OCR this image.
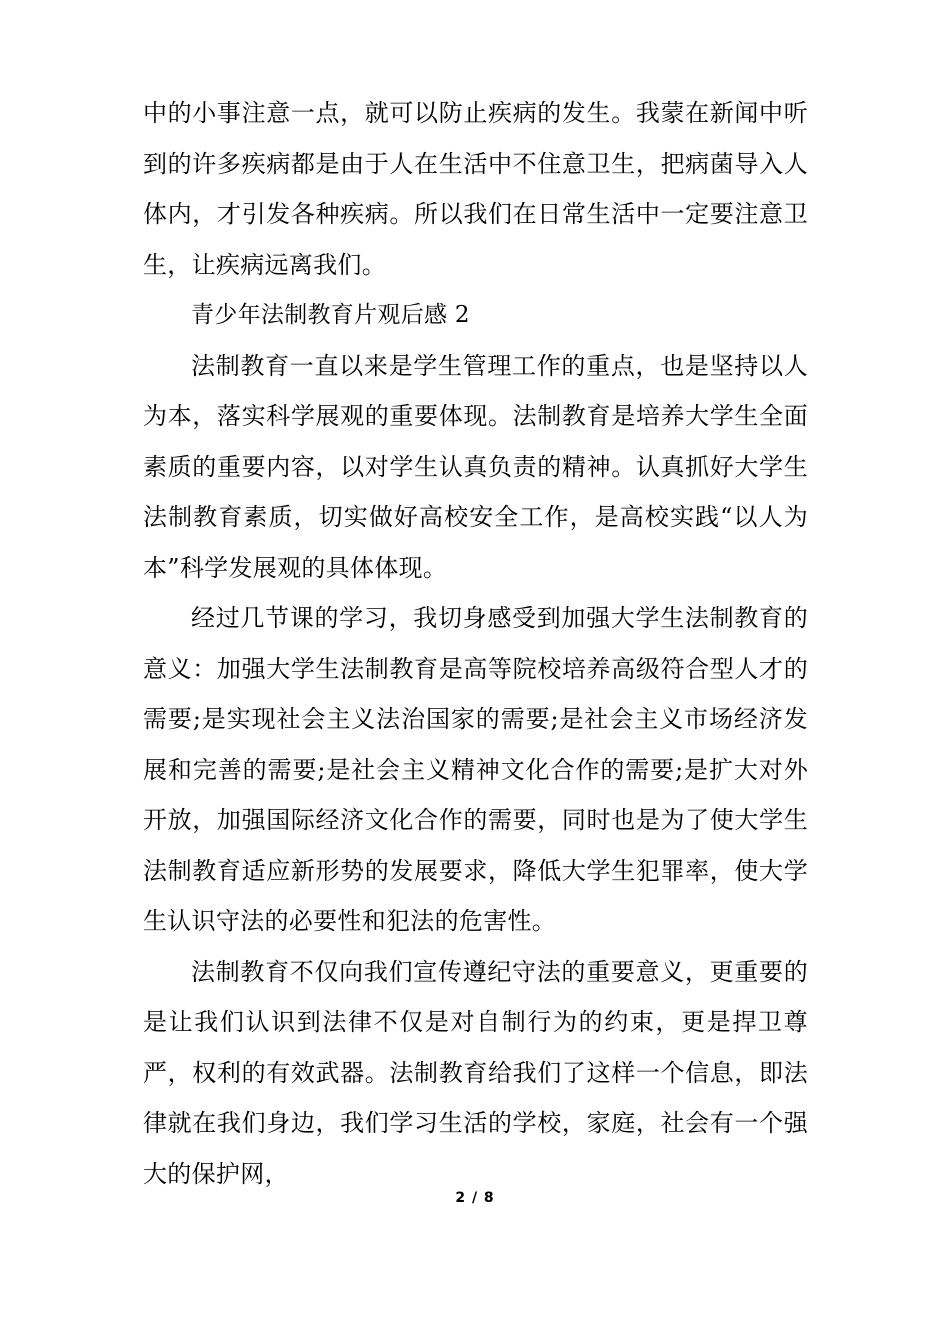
中的小事注意一点，就可以防止疾病的发生。我蒙在新闻中听到的许多疾病都是由于人在生活中不住意卫生，把病菌导入人体内，才引发各种疾病。所以我们在日常生活中一定要注意卫生，让疾病远离我们。

青少年法制教育片观后感 2

法制教育一直以来是学生管理工作的重点，也是坚持以人为本，落实科学展观的重要体现。法制教育是培养大学生全面素质的重要内容，以对学生认真负责的精神。认真抓好大学生法制教育素质，切实做好高校安全工作，是高校实践“以人为本”科学发展观的具体体现。

经过几节课的学习，我切身感受到加强大学生法制教育的意义：加强大学生法制教育是高等院校培养高级符合型人才的需要;是实现社会主义法治国家的需要;是社会主义市场经济发展和完善的需要;是社会主义精神文化合作的需要;是扩大对外开放，加强国际经济文化合作的需要，同时也是为了使大学生法制教育适应新形势的发展要求，降低大学生犯罪率，使大学生认识守法的必要性和犯法的危害性。

法制教育不仅向我们宣传遵纪守法的重要意义，更重要的是让我们认识到法律不仅是对自制行为的约束，更是捍卫尊严，权利的有效武器。法制教育给我们了这样一个信息，即法律就在我们身边，我们学习生活的学校，家庭，社会有一个强大的保护网，

2 / 8
